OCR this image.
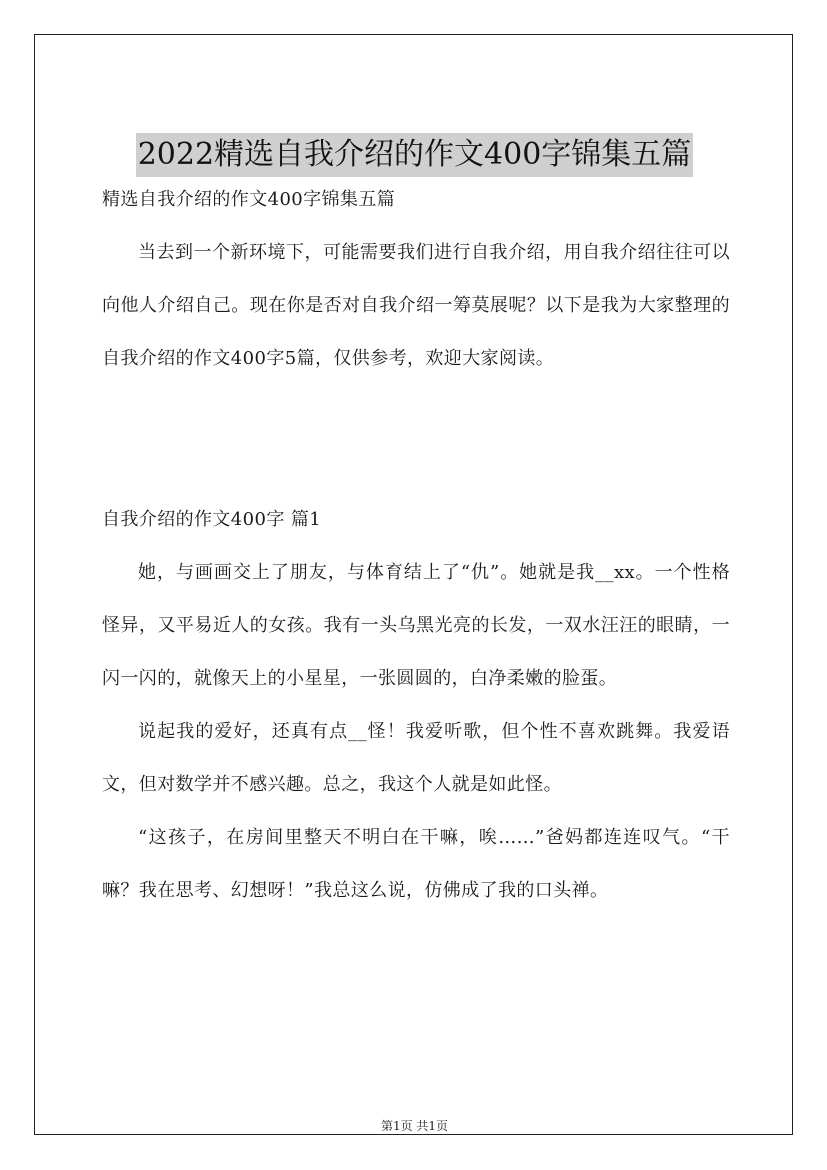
2022精选自我介绍的作文400字锦集五篇

精选自我介绍的作文400字锦集五篇

当去到一个新环境下，可能需要我们进行自我介绍，用自我介绍往往可以向他人介绍自己。现在你是否对自我介绍一筹莫展呢？以下是我为大家整理的自我介绍的作文400字5篇，仅供参考，欢迎大家阅读。

自我介绍的作文400字 篇1

她，与画画交上了朋友，与体育结上了“仇”。她就是我__xx。一个性格怪异，又平易近人的女孩。我有一头乌黑光亮的长发，一双水汪汪的眼睛，一闪一闪的，就像天上的小星星，一张圆圆的，白净柔嫩的脸蛋。

说起我的爱好，还真有点__怪！我爱听歌，但个性不喜欢跳舞。我爱语文，但对数学并不感兴趣。总之，我这个人就是如此怪。

“这孩子，在房间里整天不明白在干嘛，唉……”爸妈都连连叹气。“干嘛？我在思考、幻想呀！”我总这么说，仿佛成了我的口头禅。

第1页 共1页
